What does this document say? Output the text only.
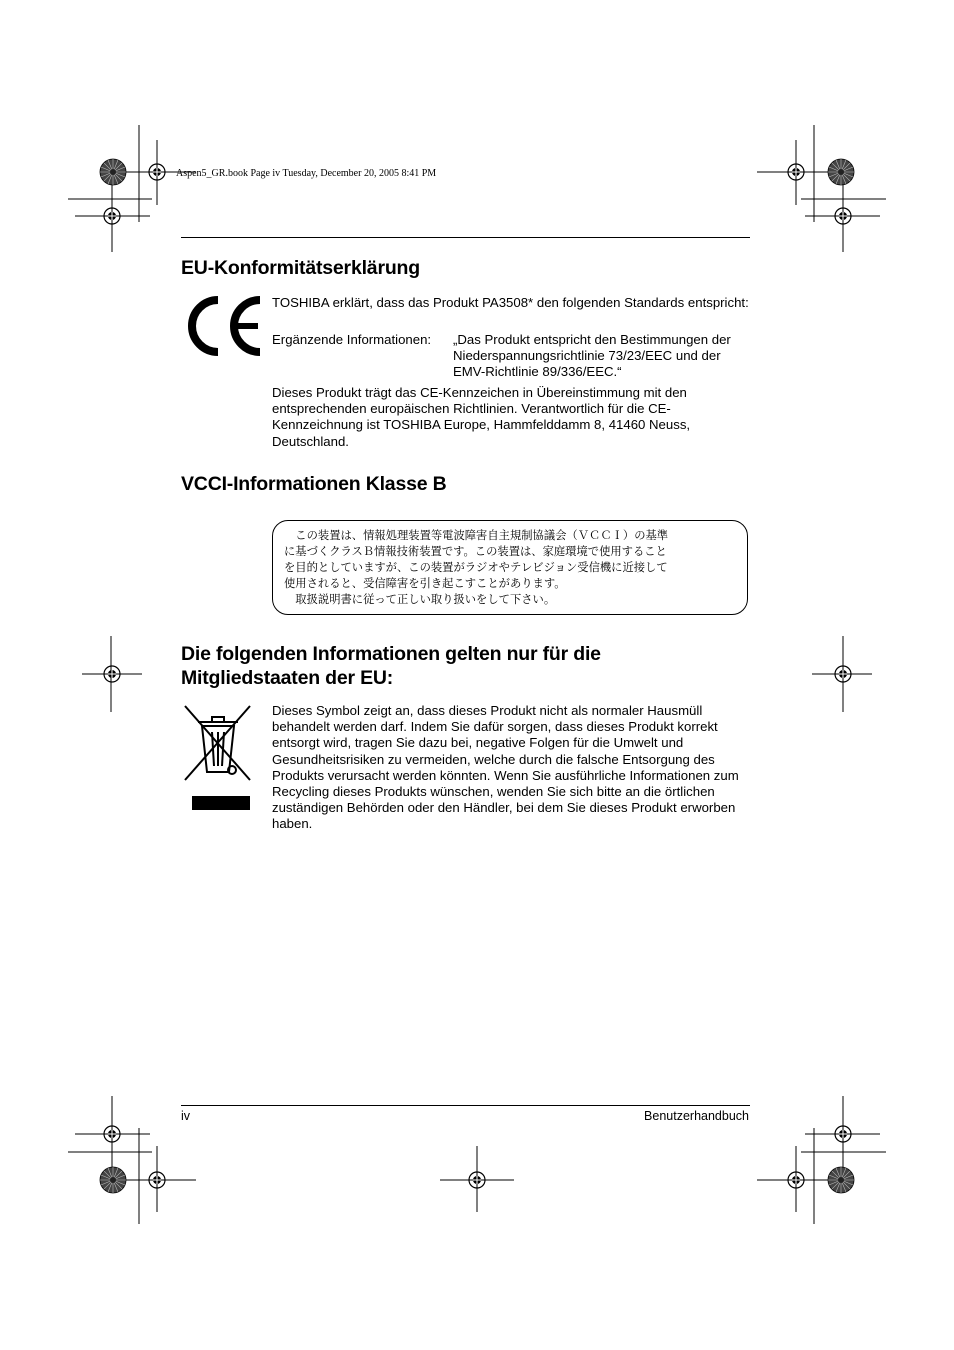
Aspen5_GR.book Page iv Tuesday, December 20, 2005 8:41 PM
EU-Konformitätserklärung

TOSHIBA erklärt, dass das Produkt PA3508* den folgenden Standards entspricht:

Ergänzende Informationen: „Das Produkt entspricht den Bestimmungen der Niederspannungsrichtlinie 73/23/EEC und der EMV-Richtlinie 89/336/EEC.“

Dieses Produkt trägt das CE-Kennzeichen in Übereinstimmung mit den entsprechenden europäischen Richtlinien. Verantwortlich für die CE-Kennzeichnung ist TOSHIBA Europe, Hammfelddamm 8, 41460 Neuss, Deutschland.

VCCI-Informationen Klasse B

　この装置は、情報処理装置等電波障害自主規制協議会（ＶＣＣＩ）の基準

に基づくクラスＢ情報技術装置です。この装置は、家庭環境で使用すること

を目的としていますが、この装置がラジオやテレビジョン受信機に近接して

使用されると、受信障害を引き起こすことがあります。

　取扱説明書に従って正しい取り扱いをして下さい。

Die folgenden Informationen gelten nur für die Mitgliedstaaten der EU:

Dieses Symbol zeigt an, dass dieses Produkt nicht als normaler Hausmüll behandelt werden darf. Indem Sie dafür sorgen, dass dieses Produkt korrekt entsorgt wird, tragen Sie dazu bei, negative Folgen für die Umwelt und Gesundheitsrisiken zu vermeiden, welche durch die falsche Entsorgung des Produkts verursacht werden könnten. Wenn Sie ausführliche Informationen zum Recycling dieses Produkts wünschen, wenden Sie sich bitte an die örtlichen zuständigen Behörden oder den Händler, bei dem Sie dieses Produkt erworben haben.

iv	Benutzerhandbuch
